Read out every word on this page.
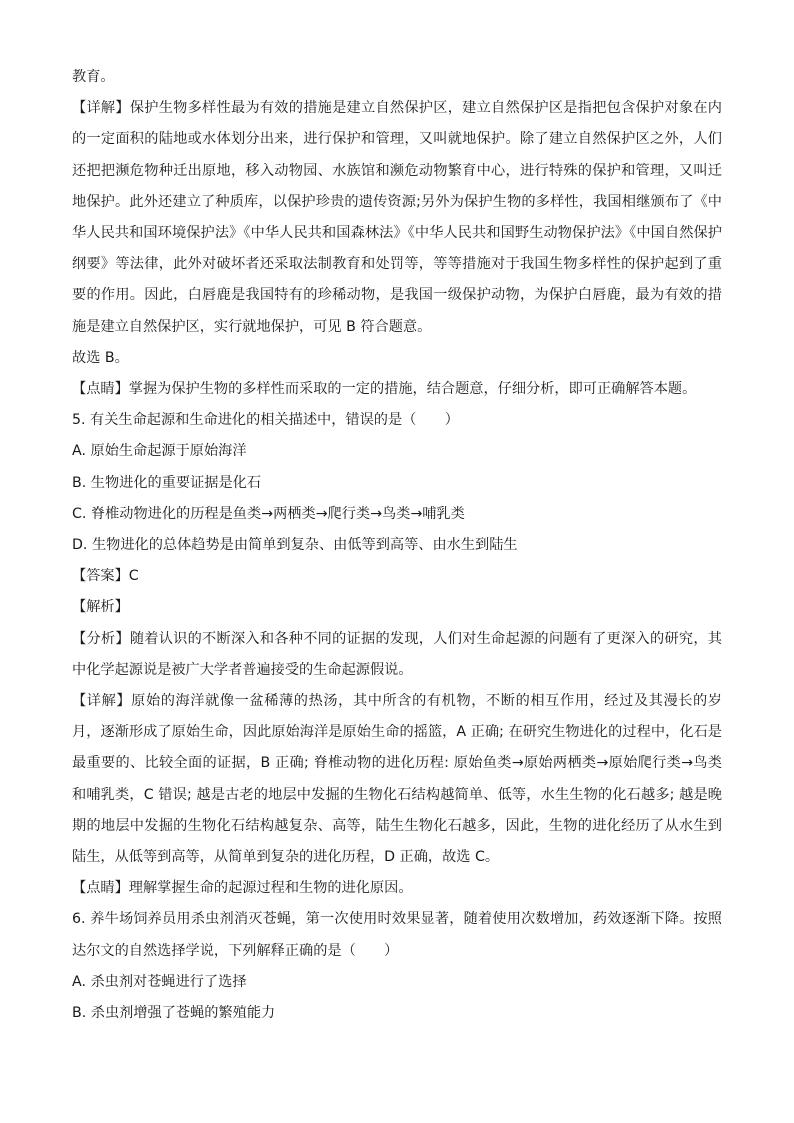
教育。

【详解】保护生物多样性最为有效的措施是建立自然保护区，建立自然保护区是指把包含保护对象在内的一定面积的陆地或水体划分出来，进行保护和管理，又叫就地保护。除了建立自然保护区之外，人们还把把濒危物种迁出原地，移入动物园、水族馆和濒危动物繁育中心，进行特殊的保护和管理，又叫迁地保护。此外还建立了种质库，以保护珍贵的遗传资源;另外为保护生物的多样性，我国相继颁布了《中华人民共和国环境保护法》《中华人民共和国森林法》《中华人民共和国野生动物保护法》《中国自然保护纲要》等法律，此外对破坏者还采取法制教育和处罚等，等等措施对于我国生物多样性的保护起到了重要的作用。因此，白唇鹿是我国特有的珍稀动物，是我国一级保护动物，为保护白唇鹿，最为有效的措施是建立自然保护区，实行就地保护，可见 B 符合题意。

故选 B。

【点睛】掌握为保护生物的多样性而采取的一定的措施，结合题意，仔细分析，即可正确解答本题。

5. 有关生命起源和生命进化的相关描述中，错误的是（　　）

A. 原始生命起源于原始海洋

B. 生物进化的重要证据是化石

C. 脊椎动物进化的历程是鱼类→两栖类→爬行类→鸟类→哺乳类

D. 生物进化的总体趋势是由简单到复杂、由低等到高等、由水生到陆生

【答案】C

【解析】

【分析】随着认识的不断深入和各种不同的证据的发现，人们对生命起源的问题有了更深入的研究，其中化学起源说是被广大学者普遍接受的生命起源假说。

【详解】原始的海洋就像一盆稀薄的热汤，其中所含的有机物，不断的相互作用，经过及其漫长的岁月，逐渐形成了原始生命，因此原始海洋是原始生命的摇篮，A 正确; 在研究生物进化的过程中，化石是最重要的、比较全面的证据，B 正确; 脊椎动物的进化历程: 原始鱼类→原始两栖类→原始爬行类→鸟类和哺乳类，C 错误; 越是古老的地层中发掘的生物化石结构越简单、低等，水生生物的化石越多; 越是晚期的地层中发掘的生物化石结构越复杂、高等，陆生生物化石越多，因此，生物的进化经历了从水生到陆生，从低等到高等，从简单到复杂的进化历程，D 正确，故选 C。

【点睛】理解掌握生命的起源过程和生物的进化原因。

6. 养牛场饲养员用杀虫剂消灭苍蝇，第一次使用时效果显著，随着使用次数增加，药效逐渐下降。按照达尔文的自然选择学说，下列解释正确的是（　　）

A. 杀虫剂对苍蝇进行了选择

B. 杀虫剂增强了苍蝇的繁殖能力
